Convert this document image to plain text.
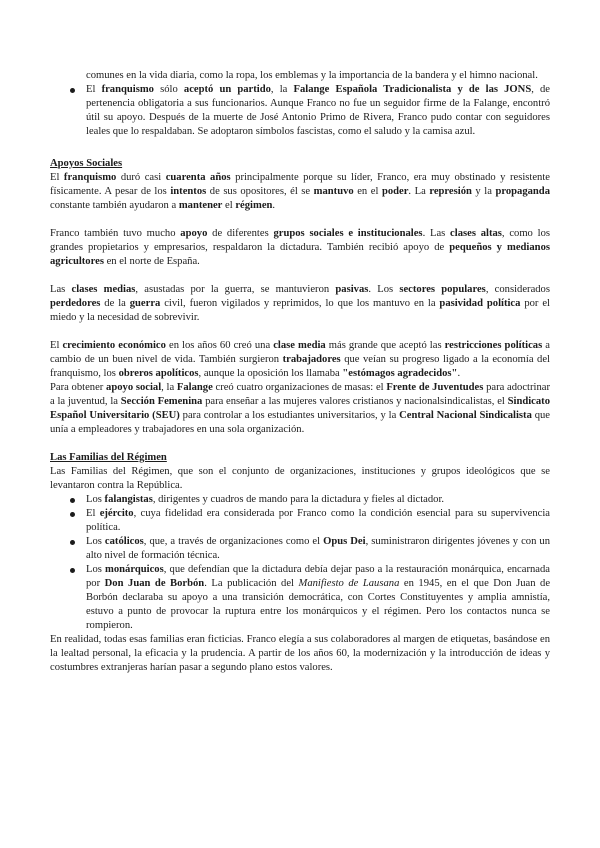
comunes en la vida diaria, como la ropa, los emblemas y la importancia de la bandera y el himno nacional.

El franquismo sólo aceptó un partido, la Falange Española Tradicionalista y de las JONS, de pertenencia obligatoria a sus funcionarios. Aunque Franco no fue un seguidor firme de la Falange, encontró útil su apoyo. Después de la muerte de José Antonio Primo de Rivera, Franco pudo contar con seguidores leales que lo respaldaban. Se adoptaron símbolos fascistas, como el saludo y la camisa azul.
Apoyos Sociales

El franquismo duró casi cuarenta años principalmente porque su líder, Franco, era muy obstinado y resistente físicamente. A pesar de los intentos de sus opositores, él se mantuvo en el poder. La represión y la propaganda constante también ayudaron a mantener el régimen.

Franco también tuvo mucho apoyo de diferentes grupos sociales e institucionales. Las clases altas, como los grandes propietarios y empresarios, respaldaron la dictadura. También recibió apoyo de pequeños y medianos agricultores en el norte de España.

Las clases medias, asustadas por la guerra, se mantuvieron pasivas. Los sectores populares, considerados perdedores de la guerra civil, fueron vigilados y reprimidos, lo que los mantuvo en la pasividad política por el miedo y la necesidad de sobrevivir.

El crecimiento económico en los años 60 creó una clase media más grande que aceptó las restricciones políticas a cambio de un buen nivel de vida. También surgieron trabajadores que veían su progreso ligado a la economía del franquismo, los obreros apolíticos, aunque la oposición los llamaba "estómagos agradecidos".

Para obtener apoyo social, la Falange creó cuatro organizaciones de masas: el Frente de Juventudes para adoctrinar a la juventud, la Sección Femenina para enseñar a las mujeres valores cristianos y nacionalsindicalistas, el Sindicato Español Universitario (SEU) para controlar a los estudiantes universitarios, y la Central Nacional Sindicalista que unía a empleadores y trabajadores en una sola organización.

Las Familias del Régimen

Las Familias del Régimen, que son el conjunto de organizaciones, instituciones y grupos ideológicos que se levantaron contra la República.

Los falangistas, dirigentes y cuadros de mando para la dictadura y fieles al dictador.
El ejército, cuya fidelidad era considerada por Franco como la condición esencial para su supervivencia política.
Los católicos, que, a través de organizaciones como el Opus Dei, suministraron dirigentes jóvenes y con un alto nivel de formación técnica.
Los monárquicos, que defendían que la dictadura debía dejar paso a la restauración monárquica, encarnada por Don Juan de Borbón. La publicación del Manifiesto de Lausana en 1945, en el que Don Juan de Borbón declaraba su apoyo a una transición democrática, con Cortes Constituyentes y amplia amnistía, estuvo a punto de provocar la ruptura entre los monárquicos y el régimen. Pero los contactos nunca se rompieron.

En realidad, todas esas familias eran ficticias. Franco elegía a sus colaboradores al margen de etiquetas, basándose en la lealtad personal, la eficacia y la prudencia. A partir de los años 60, la modernización y la introducción de ideas y costumbres extranjeras harían pasar a segundo plano estos valores.
